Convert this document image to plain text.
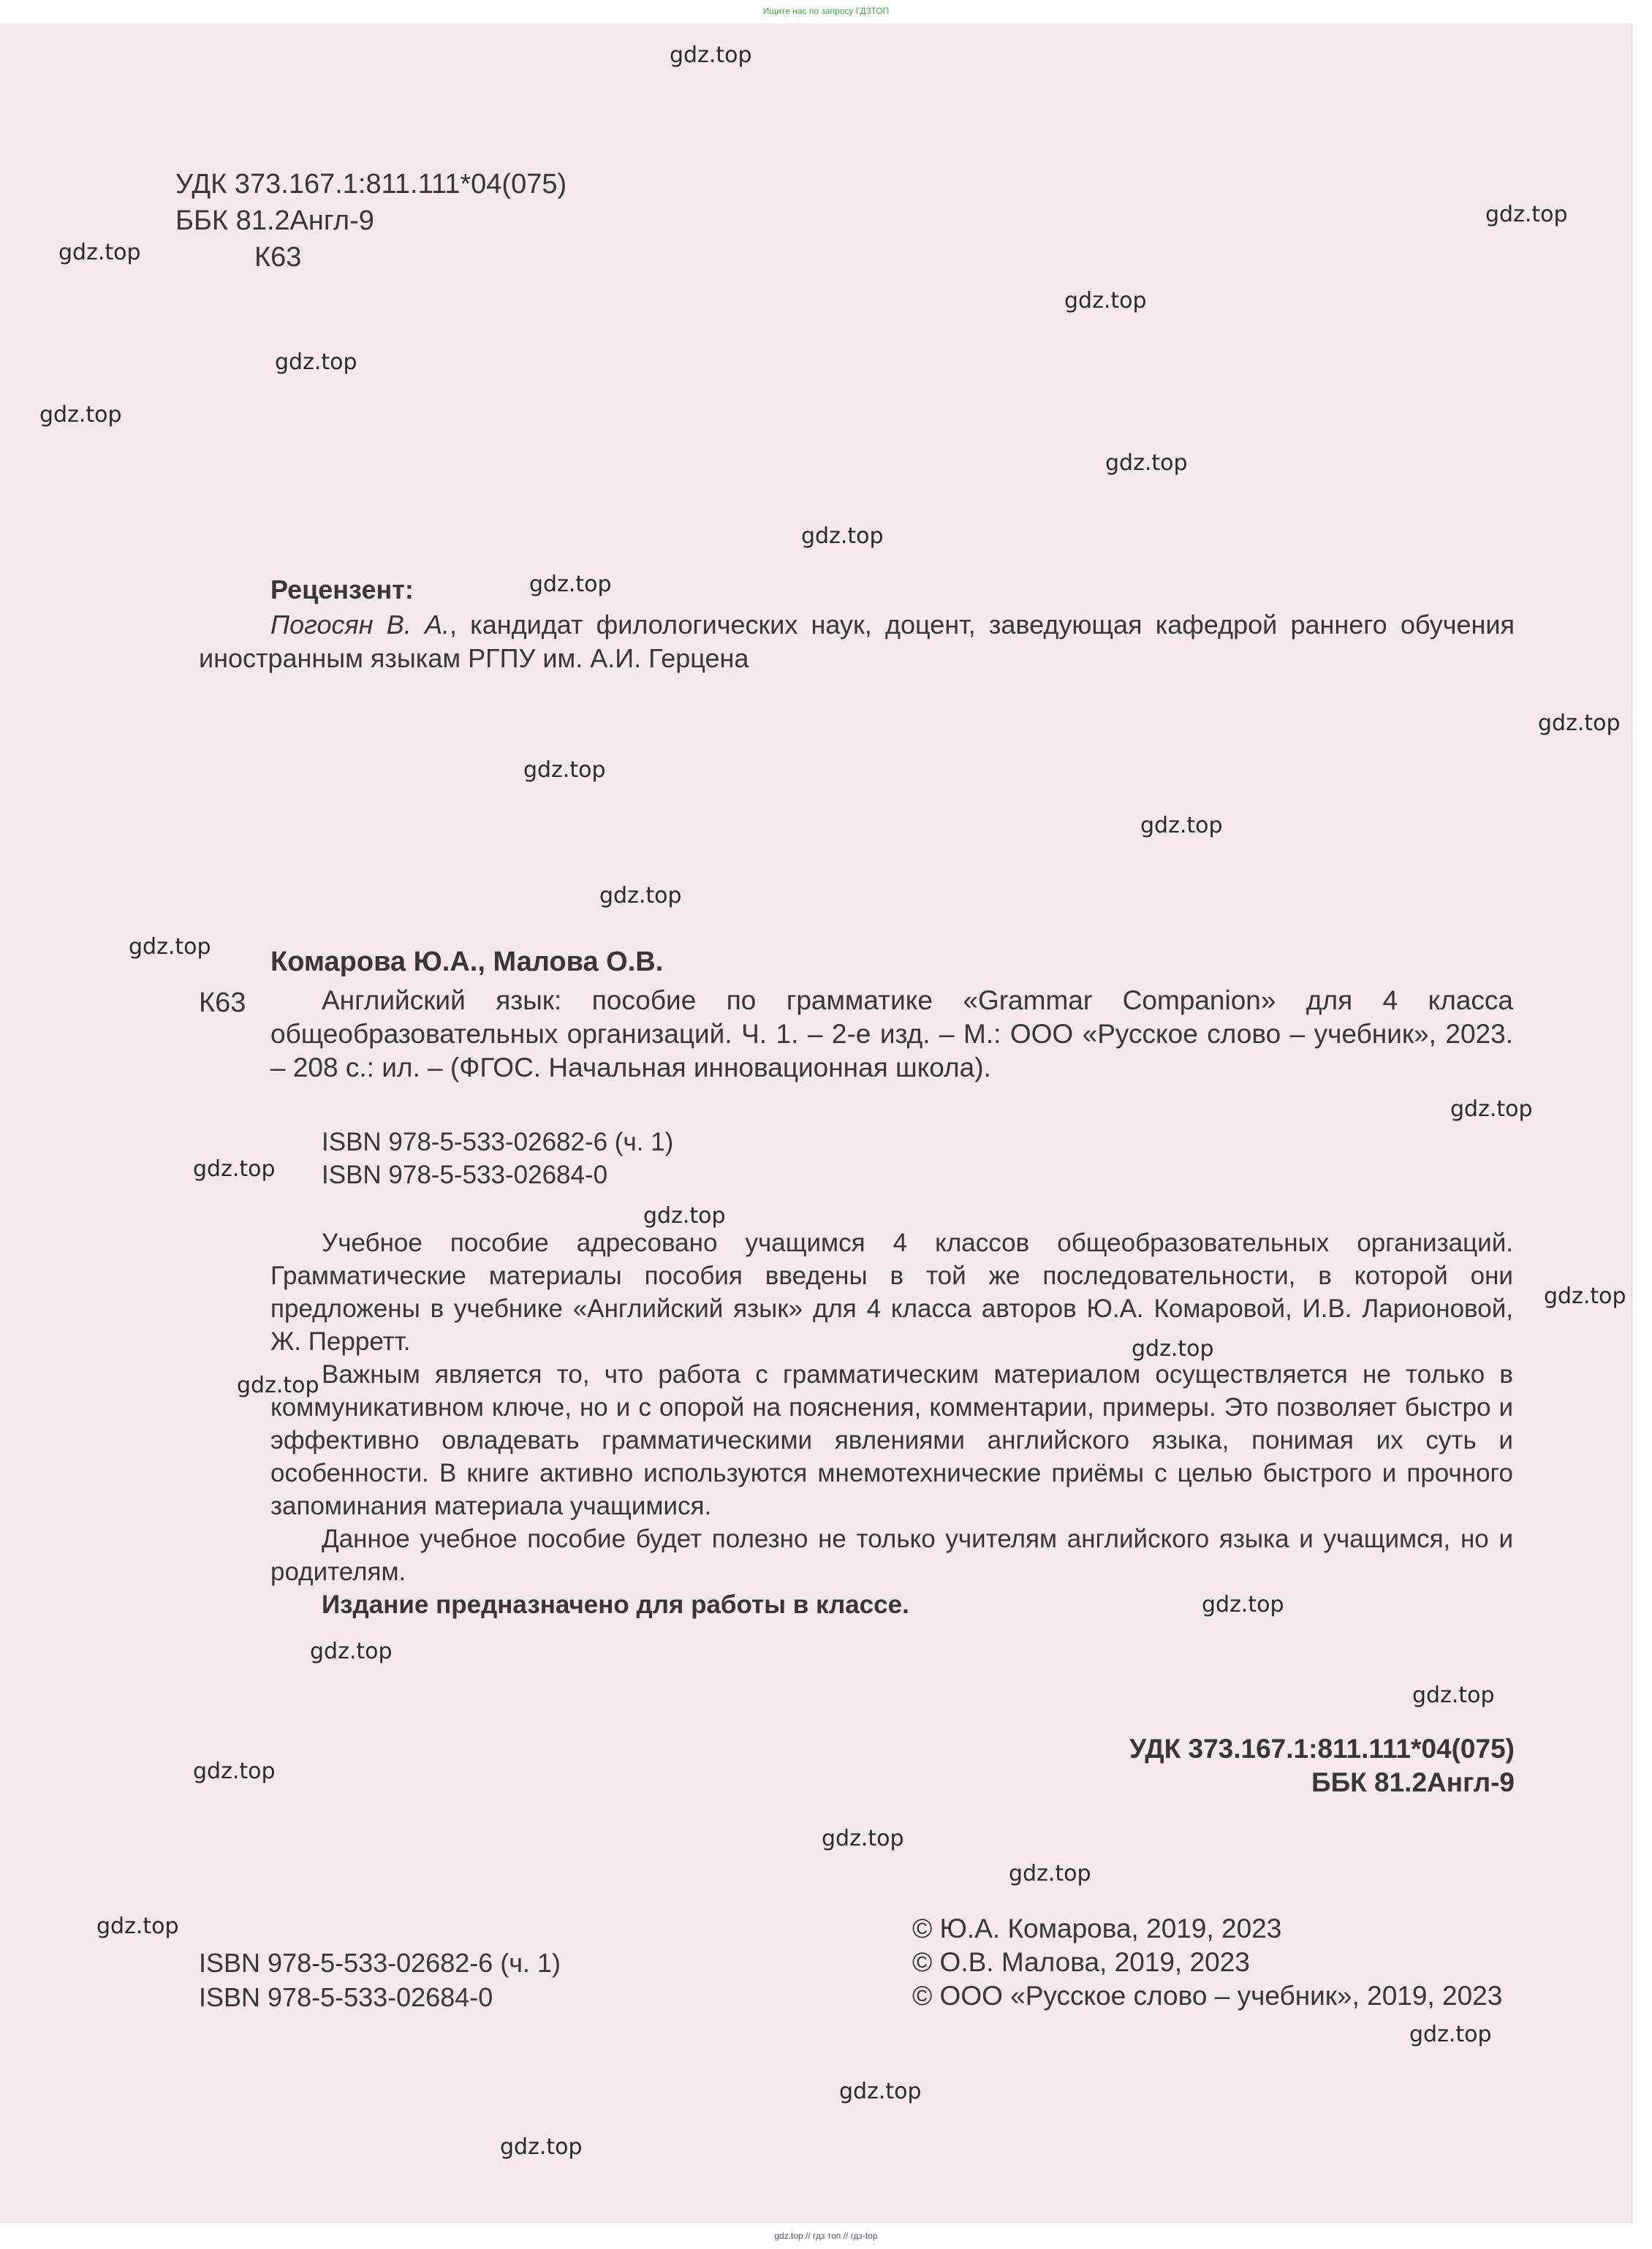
Ищите нас по запросу ГДЗТОП
УДК 373.167.1:811.111*04(075)
ББК 81.2Англ-9
К63
Рецензент:

Погосян В. А., кандидат филологических наук, доцент, заведующая кафедрой раннего обучения иностранным языкам РГПУ им. А.И. Герцена

Комарова Ю.А., Малова О.В.
К63	Английский язык: пособие по грамматике «Grammar Companion» для 4 класса общеобразовательных организаций. Ч. 1. – 2-е изд. – М.: ООО «Русское слово – учебник», 2023. – 208 с.: ил. – (ФГОС. Начальная инновационная школа).

ISBN 978-5-533-02682-6 (ч. 1)
ISBN 978-5-533-02684-0

Учебное пособие адресовано учащимся 4 классов общеобразовательных организаций. Грамматические материалы пособия введены в той же последовательности, в которой они предложены в учебнике «Английский язык» для 4 класса авторов Ю.А. Комаровой, И.В. Ларионовой, Ж. Перретт.

Важным является то, что работа с грамматическим материалом осуществляется не только в коммуникативном ключе, но и с опорой на пояснения, комментарии, примеры. Это позволяет быстро и эффективно овладевать грамматическими явлениями английского языка, понимая их суть и особенности. В книге активно используются мнемотехнические приёмы с целью быстрого и прочного запоминания материала учащимися.

Данное учебное пособие будет полезно не только учителям английского языка и учащимся, но и родителям.

Издание предназначено для работы в классе.

УДК 373.167.1:811.111*04(075)
ББК 81.2Англ-9
ISBN 978-5-533-02682-6 (ч. 1)
ISBN 978-5-533-02684-0
© Ю.А. Комарова, 2019, 2023
© О.В. Малова, 2019, 2023
© ООО «Русское слово – учебник», 2019, 2023
gdz.top
gdz.top
gdz.top
gdz.top
gdz.top
gdz.top
gdz.top
gdz.top
gdz.top
gdz.top
gdz.top
gdz.top
gdz.top
gdz.top
gdz.top
gdz.top
gdz.top
gdz.top
gdz.top
gdz.top
gdz.top
gdz.top
gdz.top
gdz.top
gdz.top
gdz.top
gdz.top
gdz.top
gdz.top
gdz.top
gdz.top // гдз топ // гдз-top
